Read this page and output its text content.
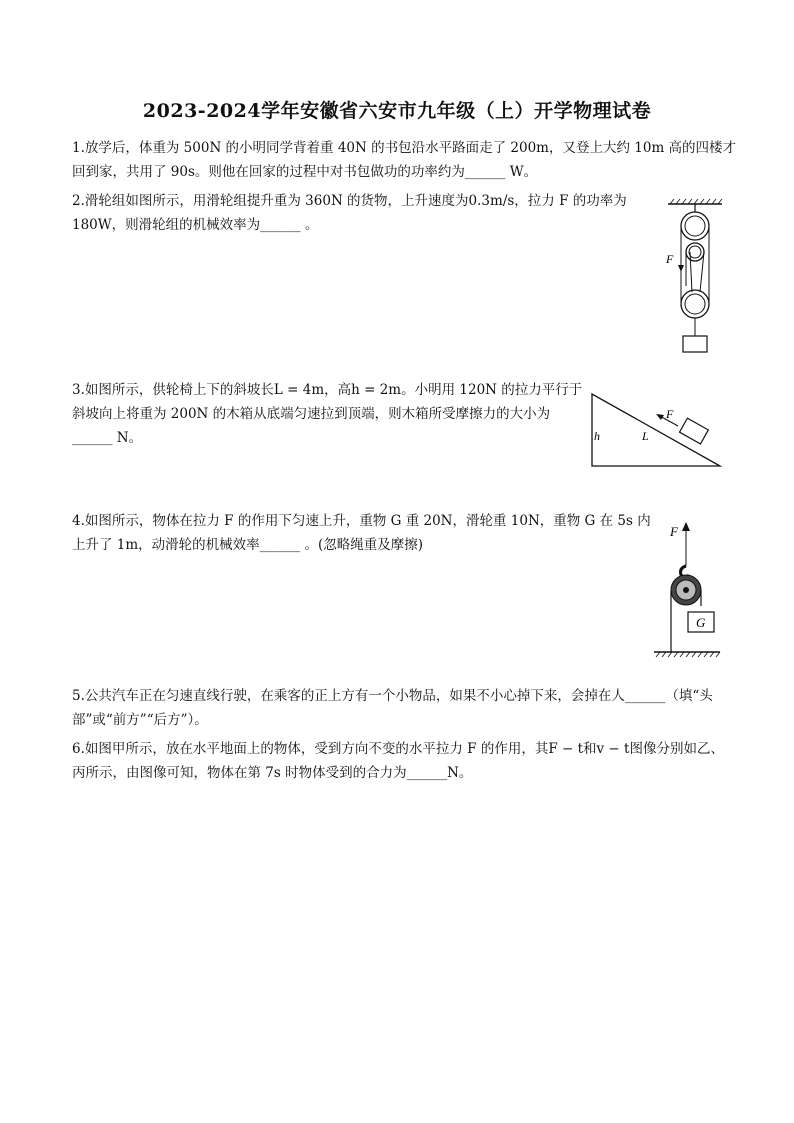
2023-2024学年安徽省六安市九年级（上）开学物理试卷

1.放学后，体重为 500N 的小明同学背着重 40N 的书包沿水平路面走了 200m，又登上大约 10m 高的四楼才

回到家，共用了 90s。则他在回家的过程中对书包做功的功率约为______ W。

2.滑轮组如图所示，用滑轮组提升重为 360N 的货物，上升速度为0.3m/s，拉力 F 的功率为

180W，则滑轮组的机械效率为______ 。

F

3.如图所示，供轮椅上下的斜坡长L = 4m，高h = 2m。小明用 120N 的拉力平行于

斜坡向上将重为 200N 的木箱从底端匀速拉到顶端，则木箱所受摩擦力的大小为

______ N。

F
L
h

4.如图所示，物体在拉力 F 的作用下匀速上升，重物 G 重 20N，滑轮重 10N，重物 G 在 5s 内

上升了 1m，动滑轮的机械效率______ 。(忽略绳重及摩擦)

F
G

5.公共汽车正在匀速直线行驶，在乘客的正上方有一个小物品，如果不小心掉下来，会掉在人______（填“头

部”或“前方”“后方”）。

6.如图甲所示，放在水平地面上的物体，受到方向不变的水平拉力 F 的作用，其F − t和v − t图像分别如乙、

丙所示，由图像可知，物体在第 7s 时物体受到的合力为______N。
